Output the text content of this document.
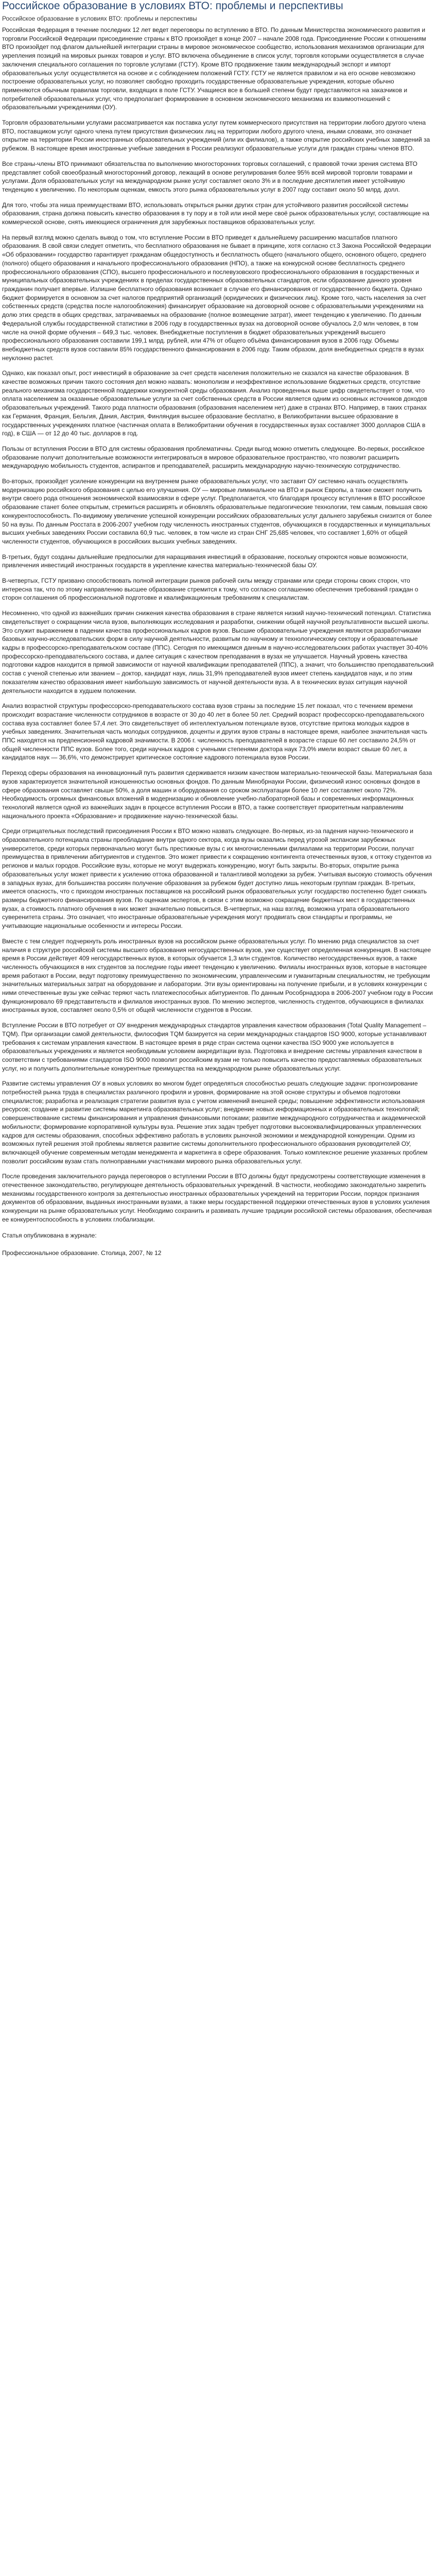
Российское образование в условиях ВТО: проблемы и перспективы
Российское образование в условиях ВТО: проблемы и перспективы

Российская Федерация в течение последних 12 лет ведет переговоры по вступлению в ВТО. По данным Министерства экономического развития и торговли Российской Федерации присоединение страны к ВТО произойдет в конце 2007 – начале 2008 года. Присоединение России к отношениям ВТО произойдет под флагом дальнейшей интеграции страны в мировое экономическое сообщество, использования механизмов организации для укрепления позиций на мировых рынках товаров и услуг. ВТО включена объединение в список услуг, торговля которыми осуществляется в случае заключения специального соглашения по торговле услугами (ГСТУ). Кроме ВТО продвижение таким международный экспорт и импорт образовательных услуг осуществляется на основе и с соблюдением положений ГСТУ. ГСТУ не является правилом и на его основе невозможно построение образовательных услуг, но позволяет свободно проходить государственные образовательные учреждения, которые обычно применяются обычным правилам торговли, входящих в поле ГСТУ. Учащиеся все в большей степени будут представляются на заказчиков и потребителей образовательных услуг, что предполагает формирование в основном экономического механизма их взаимоотношений с образовательными учреждениями (ОУ).

Торговля образовательными услугами рассматривается как поставка услуг путем коммерческого присутствия на территории любого другого члена ВТО, поставщиком услуг одного члена путем присутствия физических лиц на территории любого другого члена, иными словами, это означает открытие на территории России иностранных образовательных учреждений (или их филиалов), а также открытие российских учебных заведений за рубежом. В настоящее время иностранные учебные заведения в России реализуют образовательные услуги для граждан страны членов ВТО.

Все страны-члены ВТО принимают обязательства по выполнению многосторонних торговых соглашений, с правовой точки зрения система ВТО представляет собой своеобразный многосторонний договор, лежащий в основе регулирования более 95% всей мировой торговли товарами и услугами. Доля образовательных услуг на международном рынке услуг составляет около 3% и в последние десятилетия имеет устойчивую тенденцию к увеличению. По некоторым оценкам, емкость этого рынка образовательных услуг в 2007 году составит около 50 млрд. долл.

Для того, чтобы эта ниша преимуществами ВТО, использовать открыться рынки других стран для устойчивого развития российской системы образования, страна должна повысить качество образования в ту пору и в той или иной мере своё рынок образовательных услуг, составляющие на коммерческой основе, снять имеющиеся ограничения для зарубежных поставщиков образовательных услуг.

На первый взгляд можно сделать вывод о том, что вступление России в ВТО приведет к дальнейшему расширению масштабов платного образования. В свой связи следует отметить, что бесплатного образования не бывает в принципе, хотя согласно ст.3 Закона Российской Федерации «Об образовании» государство гарантирует гражданам общедоступность и бесплатность общего (начального общего, основного общего, среднего (полного) общего образования и начального профессионального образования (НПО), а также на конкурсной основе бесплатность среднего профессионального образования (СПО), высшего профессионального и послевузовского профессионального образования в государственных и муниципальных образовательных учреждениях в пределах государственных образовательных стандартов, если образование данного уровня гражданин получает впервые. Излишне бесплатного образования возникает в случае его финансирования от государственного бюджета. Однако бюджет формируется в основном за счет налогов предприятий организаций (юридических и физических лиц). Кроме того, часть населения за счет собственных средств (средства после налогообложения) финансирует образование на договорной основе с образовательными учреждениями на долю этих средств в общих средствах, затрачиваемых на образование (полное возмещение затрат), имеет тенденцию к увеличению. По данным Федеральной службы государственной статистики в 2006 году в государственных вузах на договорной основе обучалось 2,0 млн человек, в том числе на очной форме обучения – 649,3 тыс. человек. Внебюджетные поступления в бюджет образовательных учреждений высшего профессионального образования составили 199,1 млрд. рублей, или 47% от общего объёма финансирования вузов в 2006 году. Объемы внебюджетных средств вузов составили 85% государственного финансирования в 2006 году. Таким образом, доля внебюджетных средств в вузах неуклонно растет.

Однако, как показал опыт, рост инвестиций в образование за счет средств населения положительно не сказался на качестве образования. В качестве возможных причин такого состояния дел можно назвать: монополизм и неэффективное использование бюджетных средств, отсутствие реального механизма государственной поддержки конкурентной среды образования. Анализ проведенных выше цифр свидетельствует о том, что оплата населением за оказанные образовательные услуги за счет собственных средств в России является одним из основных источников доходов образовательных учреждений. Такого рода платности образования (образования населением нет) даже в странах ВТО. Например, в таких странах как Германия, Франция, Бельгия, Дания, Австрия, Финляндия высшее образование бесплатно, в Великобритании высшее образование в государственных учреждениях платное (частичная оплата в Великобритании обучения в государственных вузах составляет 3000 долларов США в год), в США — от 12 до 40 тыс. долларов в год.

Пользы от вступления России в ВТО для системы образования проблематичны. Среди выгод можно отметить следующее. Во-первых, российское образование получит дополнительные возможности интегрироваться в мировое образовательное пространство, что позволит расширить международную мобильность студентов, аспирантов и преподавателей, расширить международную научно-техническую сотрудничество.

Во-вторых, произойдет усиление конкуренции на внутреннем рынке образовательных услуг, что заставит ОУ системно начать осуществлять модернизацию российского образования с целью его улучшения. ОУ — мировые лиминальное на ВТО и рынок Европы, а также сможет получить внутри своего рода отношения экономической взаимосвязи в сфере услуг. Предполагается, что благодаря процессу вступления в ВТО российское образование станет более открытым, стремиться расширять и обновлять образовательные педагогические технологии, тем самым, повышая свою конкурентоспособность. По-видимому увеличение успешной конкуренции российских образовательных услуг дальнего зарубежья снизится от более 50 на вузы. По данным Росстата в 2006-2007 учебном году численность иностранных студентов, обучающихся в государственных и муниципальных высших учебных заведениях России составила 60,9 тыс. человек, в том числе из стран СНГ 25,685 человек, что составляет 1,60% от общей численности студентов, обучающихся в российских высших учебных заведениях.

В-третьих, будут созданы дальнейшие предпосылки для наращивания инвестиций в образование, поскольку откроются новые возможности, привлечения инвестиций иностранных государств в укрепление качества материально-технической базы ОУ.

В-четвертых, ГСТУ призвано способствовать полной интеграции рынков рабочей силы между странами или среди стороны своих сторон, что интересна так, что по этому направлению высшее образование стремится к тому, что согласно соглашению обеспечения требований граждан о сторон соглашения об профессиональной подготовке и квалификационным требованиям к специалистам.

Несомненно, что одной из важнейших причин снижения качества образования в стране является низкий научно-технический потенциал. Статистика свидетельствует о сокращении числа вузов, выполняющих исследования и разработки, снижении общей научной результативности высшей школы. Это служит выражением в падении качества профессиональных кадров вузов. Высшие образовательные учреждения являются разработчиками базовых научно-исследовательских форм в силу научной деятельности, развитым по научному и технологическому сектору и образовательные кадры в профессорско-преподавательском составе (ППС). Сегодня по имеющимся данным в научно-исследовательских работах участвует 30-40% профессорско-преподавательского состава, и далее ситуация с качеством преподавания в вузах не улучшается. Научный уровень качества подготовки кадров находится в прямой зависимости от научной квалификации преподавателей (ППС), а значит, что большинство преподавательский состав с ученой степенью или званием – доктор, кандидат наук, лишь 31,9% преподавателей вузов имеет степень кандидатов наук, и по этим показателям качество образования имеет наибольшую зависимость от научной деятельности вуза. А в технических вузах ситуация научной деятельности находится в худшем положении.

Анализ возрастной структуры профессорско-преподавательского состава вузов страны за последние 15 лет показал, что с течением времени происходит возрастание численности сотрудников в возрасте от 30 до 40 лет в более 50 лет. Средний возраст профессорско-преподавательского состава вуза составляет более 57,4 лет. Это свидетельствует об интеллектуальном потенциале вузов, отсутствие притока молодых кадров в учебных заведениях. Значительная часть молодых сотрудников, доценты и других вузов страны в настоящее время, наиболее значительная часть ППС находятся на предпенсионной кадровой значимости. В 2006 г. численность преподавателей в возрасте старше 60 лет составило 24,5% от общей численности ППС вузов. Более того, среди научных кадров с учеными степенями доктора наук 73,0% имели возраст свыше 60 лет, а кандидатов наук — 36,6%, что демонстрирует критическое состояние кадрового потенциала вузов России.

Переход сферы образования на инновационный путь развития сдерживается низким качеством материально-технической базы. Материальная база вузов характеризуется значительной изношенностью основных фондов. По данным Минобрнауки России, физический износ основных фондов в сфере образования составляет свыше 50%, а доля машин и оборудования со сроком эксплуатации более 10 лет составляет около 72%. Необходимость огромных финансовых вложений в модернизацию и обновление учебно-лабораторной базы и современных информационных технологий является одной из важнейших задач в процессе вступления России в ВТО, а также соответствует приоритетным направлениям национального проекта «Образование» и продвижение научно-технической базы.

Среди отрицательных последствий присоединения России к ВТО можно назвать следующее. Во-первых, из-за падения научно-технического и образовательного потенциала страны преобладание внутри одного сектора, когда вузы оказались перед угрозой экспансии зарубежных университетов, среди которых первоначально могут быть престижные вузы с их многочисленными филиалами на территории России, получат преимущества в привлечении абитуриентов и студентов. Это может привести к сокращению контингента отечественных вузов, к оттоку студентов из регионов и малых городов. Российские вузы, которые не могут выдержать конкуренцию, могут быть закрыты. Во-вторых, открытие рынка образовательных услуг может привести к усилению оттока образованной и талантливой молодежи за рубеж. Учитывая высокую стоимость обучения в западных вузах, для большинства россиян получение образования за рубежом будет доступно лишь некоторым группам граждан. В-третьих, имеется опасность, что с приходом иностранных поставщиков на российский рынок образовательных услуг государство постепенно будет снижать размеры бюджетного финансирования вузов. По оценкам экспертов, в связи с этим возможно сокращение бюджетных мест в государственных вузах, а стоимость платного обучения в них может значительно повыситься. В-четвертых, на наш взгляд, возможна утрата образовательного суверенитета страны. Это означает, что иностранные образовательные учреждения могут продвигать свои стандарты и программы, не учитывающие национальные особенности и интересы России.

Вместе с тем следует подчеркнуть роль иностранных вузов на российском рынке образовательных услуг. По мнению ряда специалистов за счет наличия в структуре российской системы высшего образования негосударственных вузов, уже существует определенная конкуренция. В настоящее время в России действует 409 негосударственных вузов, в которых обучается 1,3 млн студентов. Количество негосударственных вузов, а также численность обучающихся в них студентов за последние годы имеет тенденцию к увеличению. Филиалы иностранных вузов, которые в настоящее время работают в России, ведут подготовку преимущественно по экономическим, управленческим и гуманитарным специальностям, не требующим значительных материальных затрат на оборудование и лаборатории. Эти вузы ориентированы на получение прибыли, и в условиях конкуренции с ними отечественные вузы уже сейчас теряют часть платежеспособных абитуриентов. По данным Рособрнадзора в 2006-2007 учебном году в России функционировало 69 представительств и филиалов иностранных вузов. По мнению экспертов, численность студентов, обучающихся в филиалах иностранных вузов, составляет около 0,5% от общей численности студентов в России.

Вступление России в ВТО потребует от ОУ внедрения международных стандартов управления качеством образования (Total Quality Management – TQM). При организации самой деятельности, философия TQM базируется на серии международных стандартов ISO 9000, которые устанавливают требования к системам управления качеством. В настоящее время в ряде стран система оценки качества ISO 9000 уже используется в образовательных учреждениях и является необходимым условием аккредитации вуза. Подготовка и внедрение системы управления качеством в соответствии с требованиями стандартов ISO 9000 позволит российским вузам не только повысить качество предоставляемых образовательных услуг, но и получить дополнительные конкурентные преимущества на международном рынке образовательных услуг.

Развитие системы управления ОУ в новых условиях во многом будет определяться способностью решать следующие задачи: прогнозирование потребностей рынка труда в специалистах различного профиля и уровня, формирование на этой основе структуры и объемов подготовки специалистов; разработка и реализация стратегии развития вуза с учетом изменений внешней среды; повышение эффективности использования ресурсов; создание и развитие системы маркетинга образовательных услуг; внедрение новых информационных и образовательных технологий; совершенствование системы финансирования и управления финансовыми потоками; развитие международного сотрудничества и академической мобильности; формирование корпоративной культуры вуза. Решение этих задач требует подготовки высококвалифицированных управленческих кадров для системы образования, способных эффективно работать в условиях рыночной экономики и международной конкуренции. Одним из возможных путей решения этой проблемы является развитие системы дополнительного профессионального образования руководителей ОУ, включающей обучение современным методам менеджмента и маркетинга в сфере образования. Только комплексное решение указанных проблем позволит российским вузам стать полноправными участниками мирового рынка образовательных услуг.

После проведения заключительного раунда переговоров о вступлении России в ВТО должны будут предусмотрены соответствующие изменения в отечественное законодательство, регулирующее деятельность образовательных учреждений. В частности, необходимо законодательно закрепить механизмы государственного контроля за деятельностью иностранных образовательных учреждений на территории России, порядок признания документов об образовании, выданных иностранными вузами, а также меры государственной поддержки отечественных вузов в условиях усиления конкуренции на рынке образовательных услуг. Необходимо сохранить и развивать лучшие традиции российской системы образования, обеспечивая ее конкурентоспособность в условиях глобализации.

Статья опубликована в журнале:

Профессиональное образование. Столица, 2007, № 12
